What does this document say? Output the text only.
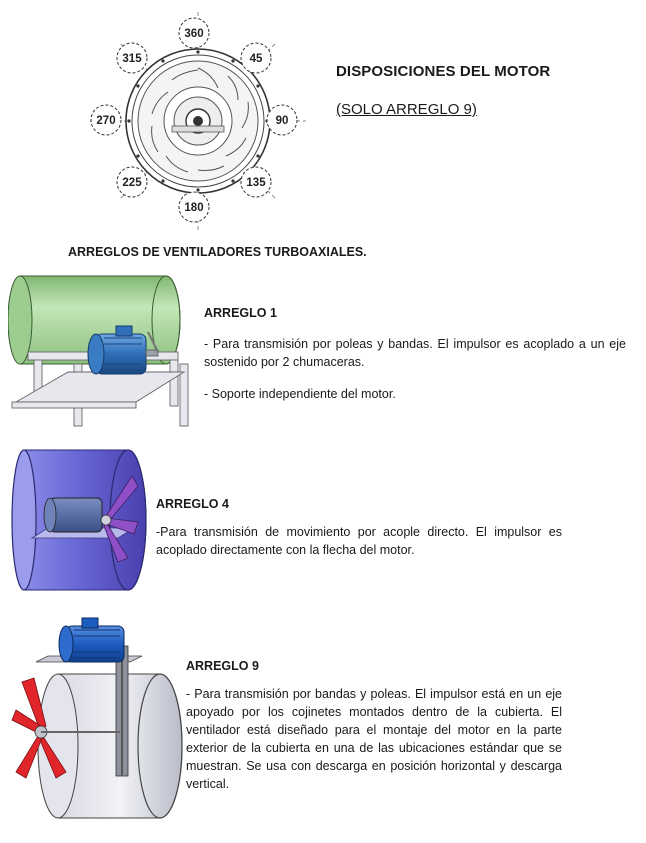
360
45
90
135
180
225
270
315
DISPOSICIONES DEL MOTOR
(SOLO ARREGLO 9)
ARREGLOS DE VENTILADORES TURBOAXIALES.
ARREGLO 1
- Para transmisión por poleas y bandas. El impulsor es acoplado a un eje sostenido por 2 chumaceras.
- Soporte independiente del motor.
ARREGLO 4
-Para transmisión de movimiento por acople directo. El impulsor es acoplado directamente con la flecha del motor.
ARREGLO 9
- Para transmisión por bandas y poleas. El impulsor está en un eje apoyado por los cojinetes montados dentro de la cubierta. El ventilador está diseñado para el montaje del motor en la parte exterior de la cubierta en una de las ubicaciones estándar que se muestran. Se usa con descarga en posición horizontal y descarga vertical.
